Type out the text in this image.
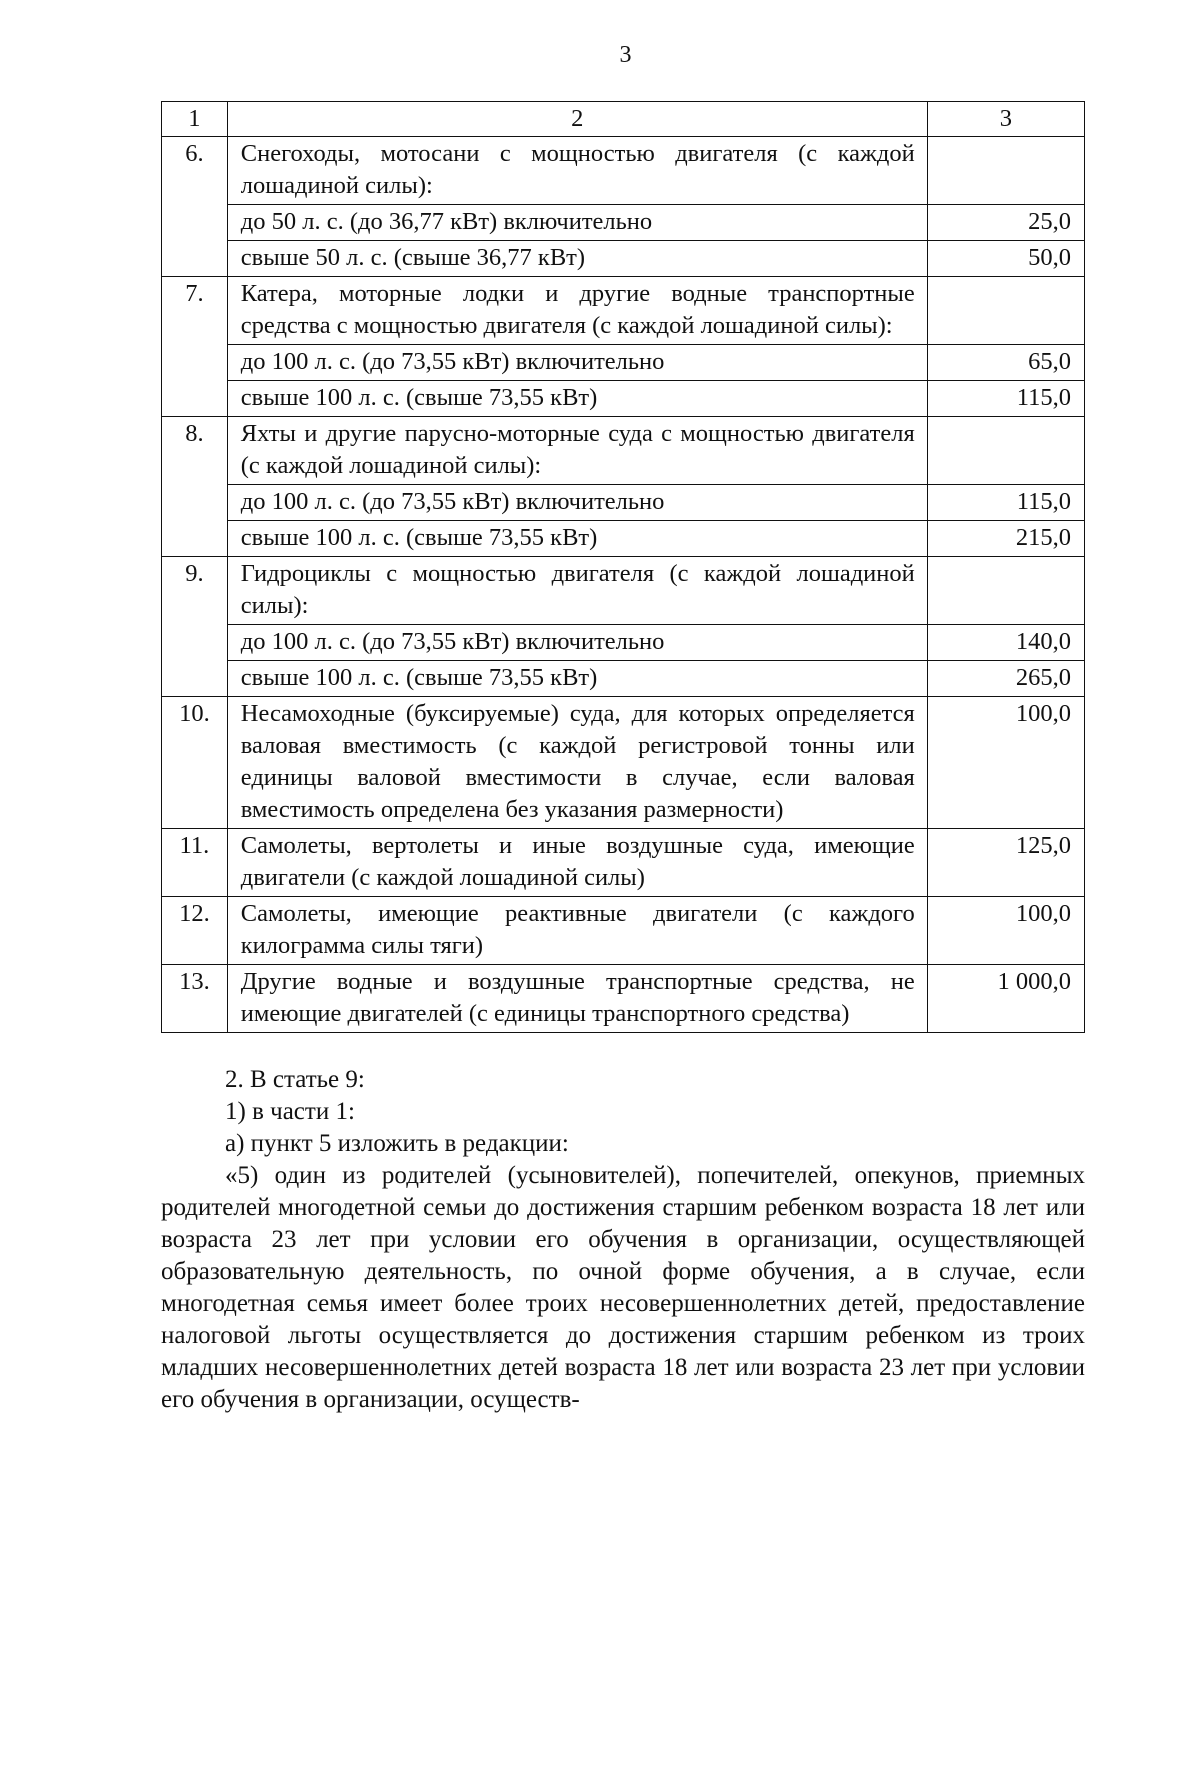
3
1	2	3
6.	Снегоходы, мотосани с мощностью двигателя (с каждой лошадиной силы):	
	до 50 л. с. (до 36,77 кВт) включительно	25,0
	свыше 50 л. с. (свыше 36,77 кВт)	50,0
7.	Катера, моторные лодки и другие водные транспортные средства с мощностью двигателя (с каждой лошадиной силы):	
	до 100 л. с. (до 73,55 кВт) включительно	65,0
	свыше 100 л. с. (свыше 73,55 кВт)	115,0
8.	Яхты и другие парусно-моторные суда с мощностью двигателя (с каждой лошадиной силы):	
	до 100 л. с. (до 73,55 кВт) включительно	115,0
	свыше 100 л. с. (свыше 73,55 кВт)	215,0
9.	Гидроциклы с мощностью двигателя (с каждой лошадиной силы):	
	до 100 л. с. (до 73,55 кВт) включительно	140,0
	свыше 100 л. с. (свыше 73,55 кВт)	265,0
10.	Несамоходные (буксируемые) суда, для которых определяется валовая вместимость (с каждой регистровой тонны или единицы валовой вместимости в случае, если валовая вместимость определена без указания размерности)	100,0
11.	Самолеты, вертолеты и иные воздушные суда, имеющие двигатели (с каждой лошадиной силы)	125,0
12.	Самолеты, имеющие реактивные двигатели (с каждого килограмма силы тяги)	100,0
13.	Другие водные и воздушные транспортные средства, не имеющие двигателей (с единицы транспортного средства)	1 000,0

2. В статье 9:

1) в части 1:

а) пункт 5 изложить в редакции:

«5) один из родителей (усыновителей), попечителей, опекунов, приемных родителей многодетной семьи до достижения старшим ребенком возраста 18 лет или возраста 23 лет при условии его обучения в организации, осуществляющей образовательную деятельность, по очной форме обучения, а в случае, если многодетная семья имеет более троих несовершеннолетних детей, предоставление налоговой льготы осуществляется до достижения старшим ребенком из троих младших несовершеннолетних детей возраста 18 лет или возраста 23 лет при условии его обучения в организации, осуществ-
